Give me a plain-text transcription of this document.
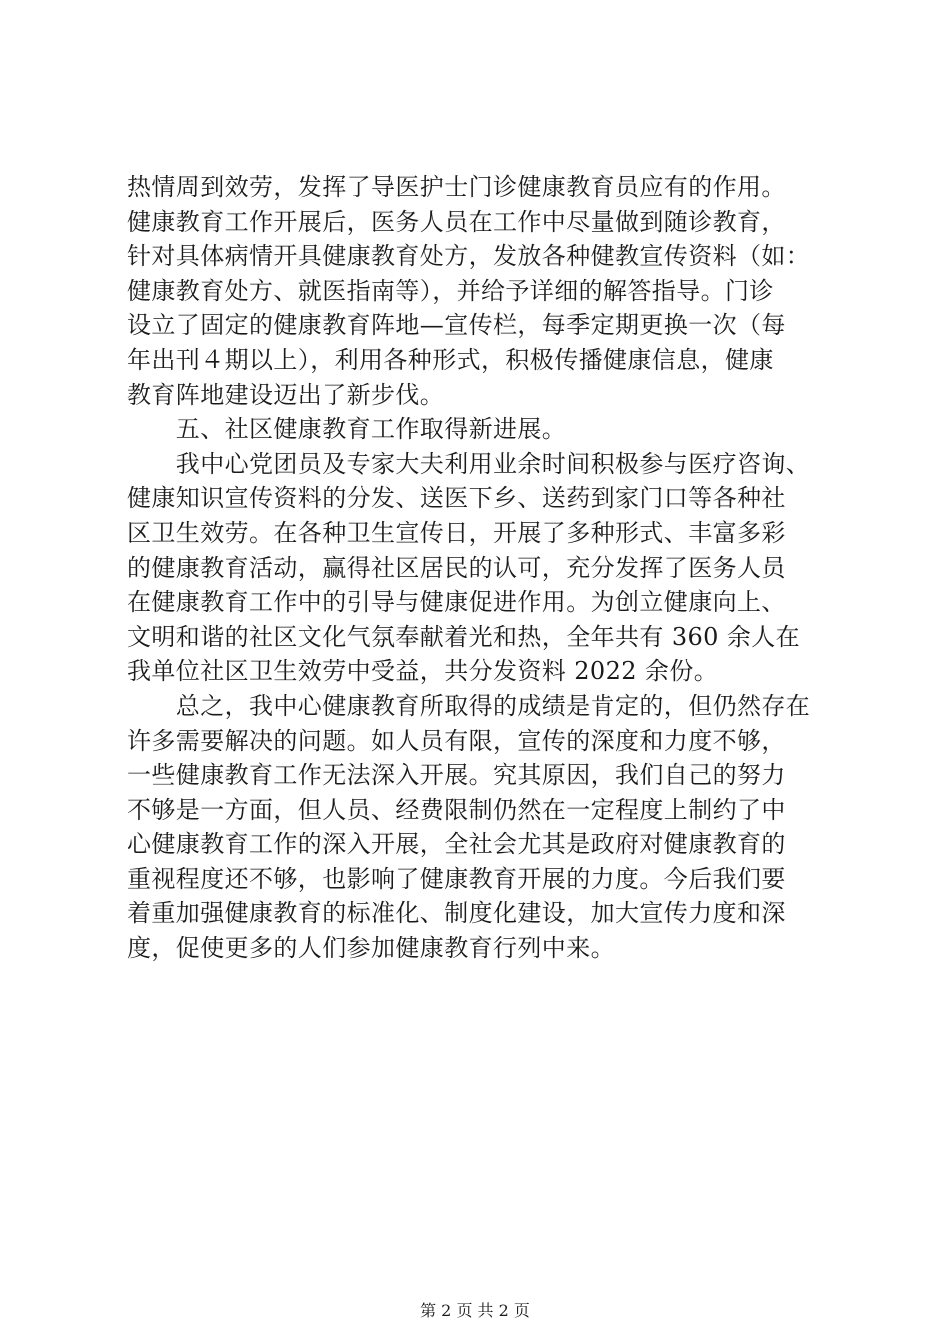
热情周到效劳，发挥了导医护士门诊健康教育员应有的作用。
健康教育工作开展后，医务人员在工作中尽量做到随诊教育，
针对具体病情开具健康教育处方，发放各种健教宣传资料（如：
健康教育处方、就医指南等），并给予详细的解答指导。门诊
设立了固定的健康教育阵地—宣传栏，每季定期更换一次（每
年出刊４期以上），利用各种形式，积极传播健康信息，健康
教育阵地建设迈出了新步伐。
　　五、社区健康教育工作取得新进展。
　　我中心党团员及专家大夫利用业余时间积极参与医疗咨询、
健康知识宣传资料的分发、送医下乡、送药到家门口等各种社
区卫生效劳。在各种卫生宣传日，开展了多种形式、丰富多彩
的健康教育活动，赢得社区居民的认可，充分发挥了医务人员
在健康教育工作中的引导与健康促进作用。为创立健康向上、
文明和谐的社区文化气氛奉献着光和热，全年共有 360 余人在
我单位社区卫生效劳中受益，共分发资料 2022 余份。
　　总之，我中心健康教育所取得的成绩是肯定的，但仍然存在
许多需要解决的问题。如人员有限，宣传的深度和力度不够，
一些健康教育工作无法深入开展。究其原因，我们自己的努力
不够是一方面，但人员、经费限制仍然在一定程度上制约了中
心健康教育工作的深入开展，全社会尤其是政府对健康教育的
重视程度还不够，也影响了健康教育开展的力度。今后我们要
着重加强健康教育的标准化、制度化建设，加大宣传力度和深
度，促使更多的人们参加健康教育行列中来。
第 2 页 共 2 页
